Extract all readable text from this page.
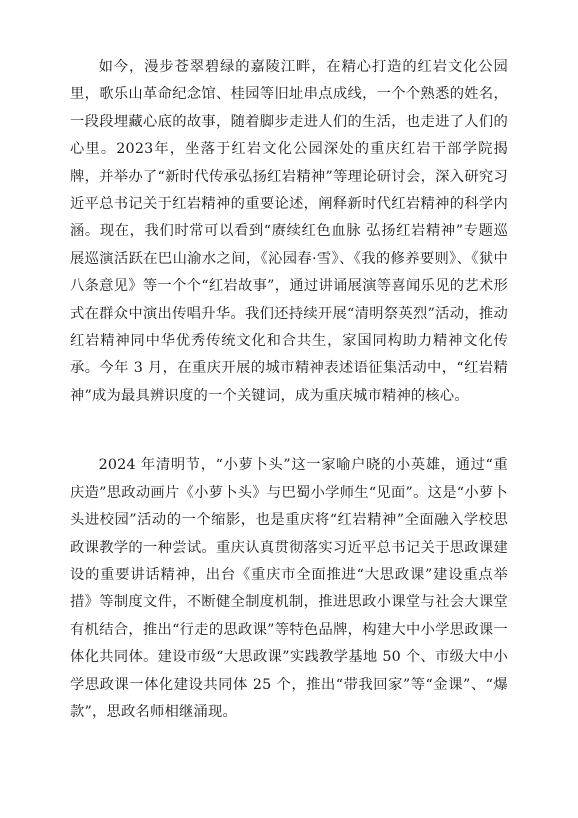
如今，漫步苍翠碧绿的嘉陵江畔，在精心打造的红岩文化公园里，歌乐山革命纪念馆、桂园等旧址串点成线，一个个熟悉的姓名，一段段埋藏心底的故事，随着脚步走进人们的生活，也走进了人们的心里。2023年，坐落于红岩文化公园深处的重庆红岩干部学院揭牌，并举办了“新时代传承弘扬红岩精神”等理论研讨会，深入研究习近平总书记关于红岩精神的重要论述，阐释新时代红岩精神的科学内涵。现在，我们时常可以看到“赓续红色血脉 弘扬红岩精神”专题巡展巡演活跃在巴山渝水之间，《沁园春·雪》、《我的修养要则》、《狱中八条意见》等一个个“红岩故事”，通过讲诵展演等喜闻乐见的艺术形式在群众中演出传唱升华。我们还持续开展“清明祭英烈”活动，推动红岩精神同中华优秀传统文化和合共生，家国同构助力精神文化传承。今年 3 月，在重庆开展的城市精神表述语征集活动中，“红岩精神”成为最具辨识度的一个关键词，成为重庆城市精神的核心。

2024 年清明节，“小萝卜头”这一家喻户晓的小英雄，通过“重庆造”思政动画片《小萝卜头》与巴蜀小学师生“见面”。这是“小萝卜头进校园”活动的一个缩影，也是重庆将“红岩精神”全面融入学校思政课教学的一种尝试。重庆认真贯彻落实习近平总书记关于思政课建设的重要讲话精神，出台《重庆市全面推进“大思政课”建设重点举措》等制度文件，不断健全制度机制，推进思政小课堂与社会大课堂有机结合，推出“行走的思政课”等特色品牌，构建大中小学思政课一体化共同体。建设市级“大思政课”实践教学基地 50 个、市级大中小学思政课一体化建设共同体 25 个，推出“带我回家”等“金课”、“爆款”，思政名师相继涌现。
